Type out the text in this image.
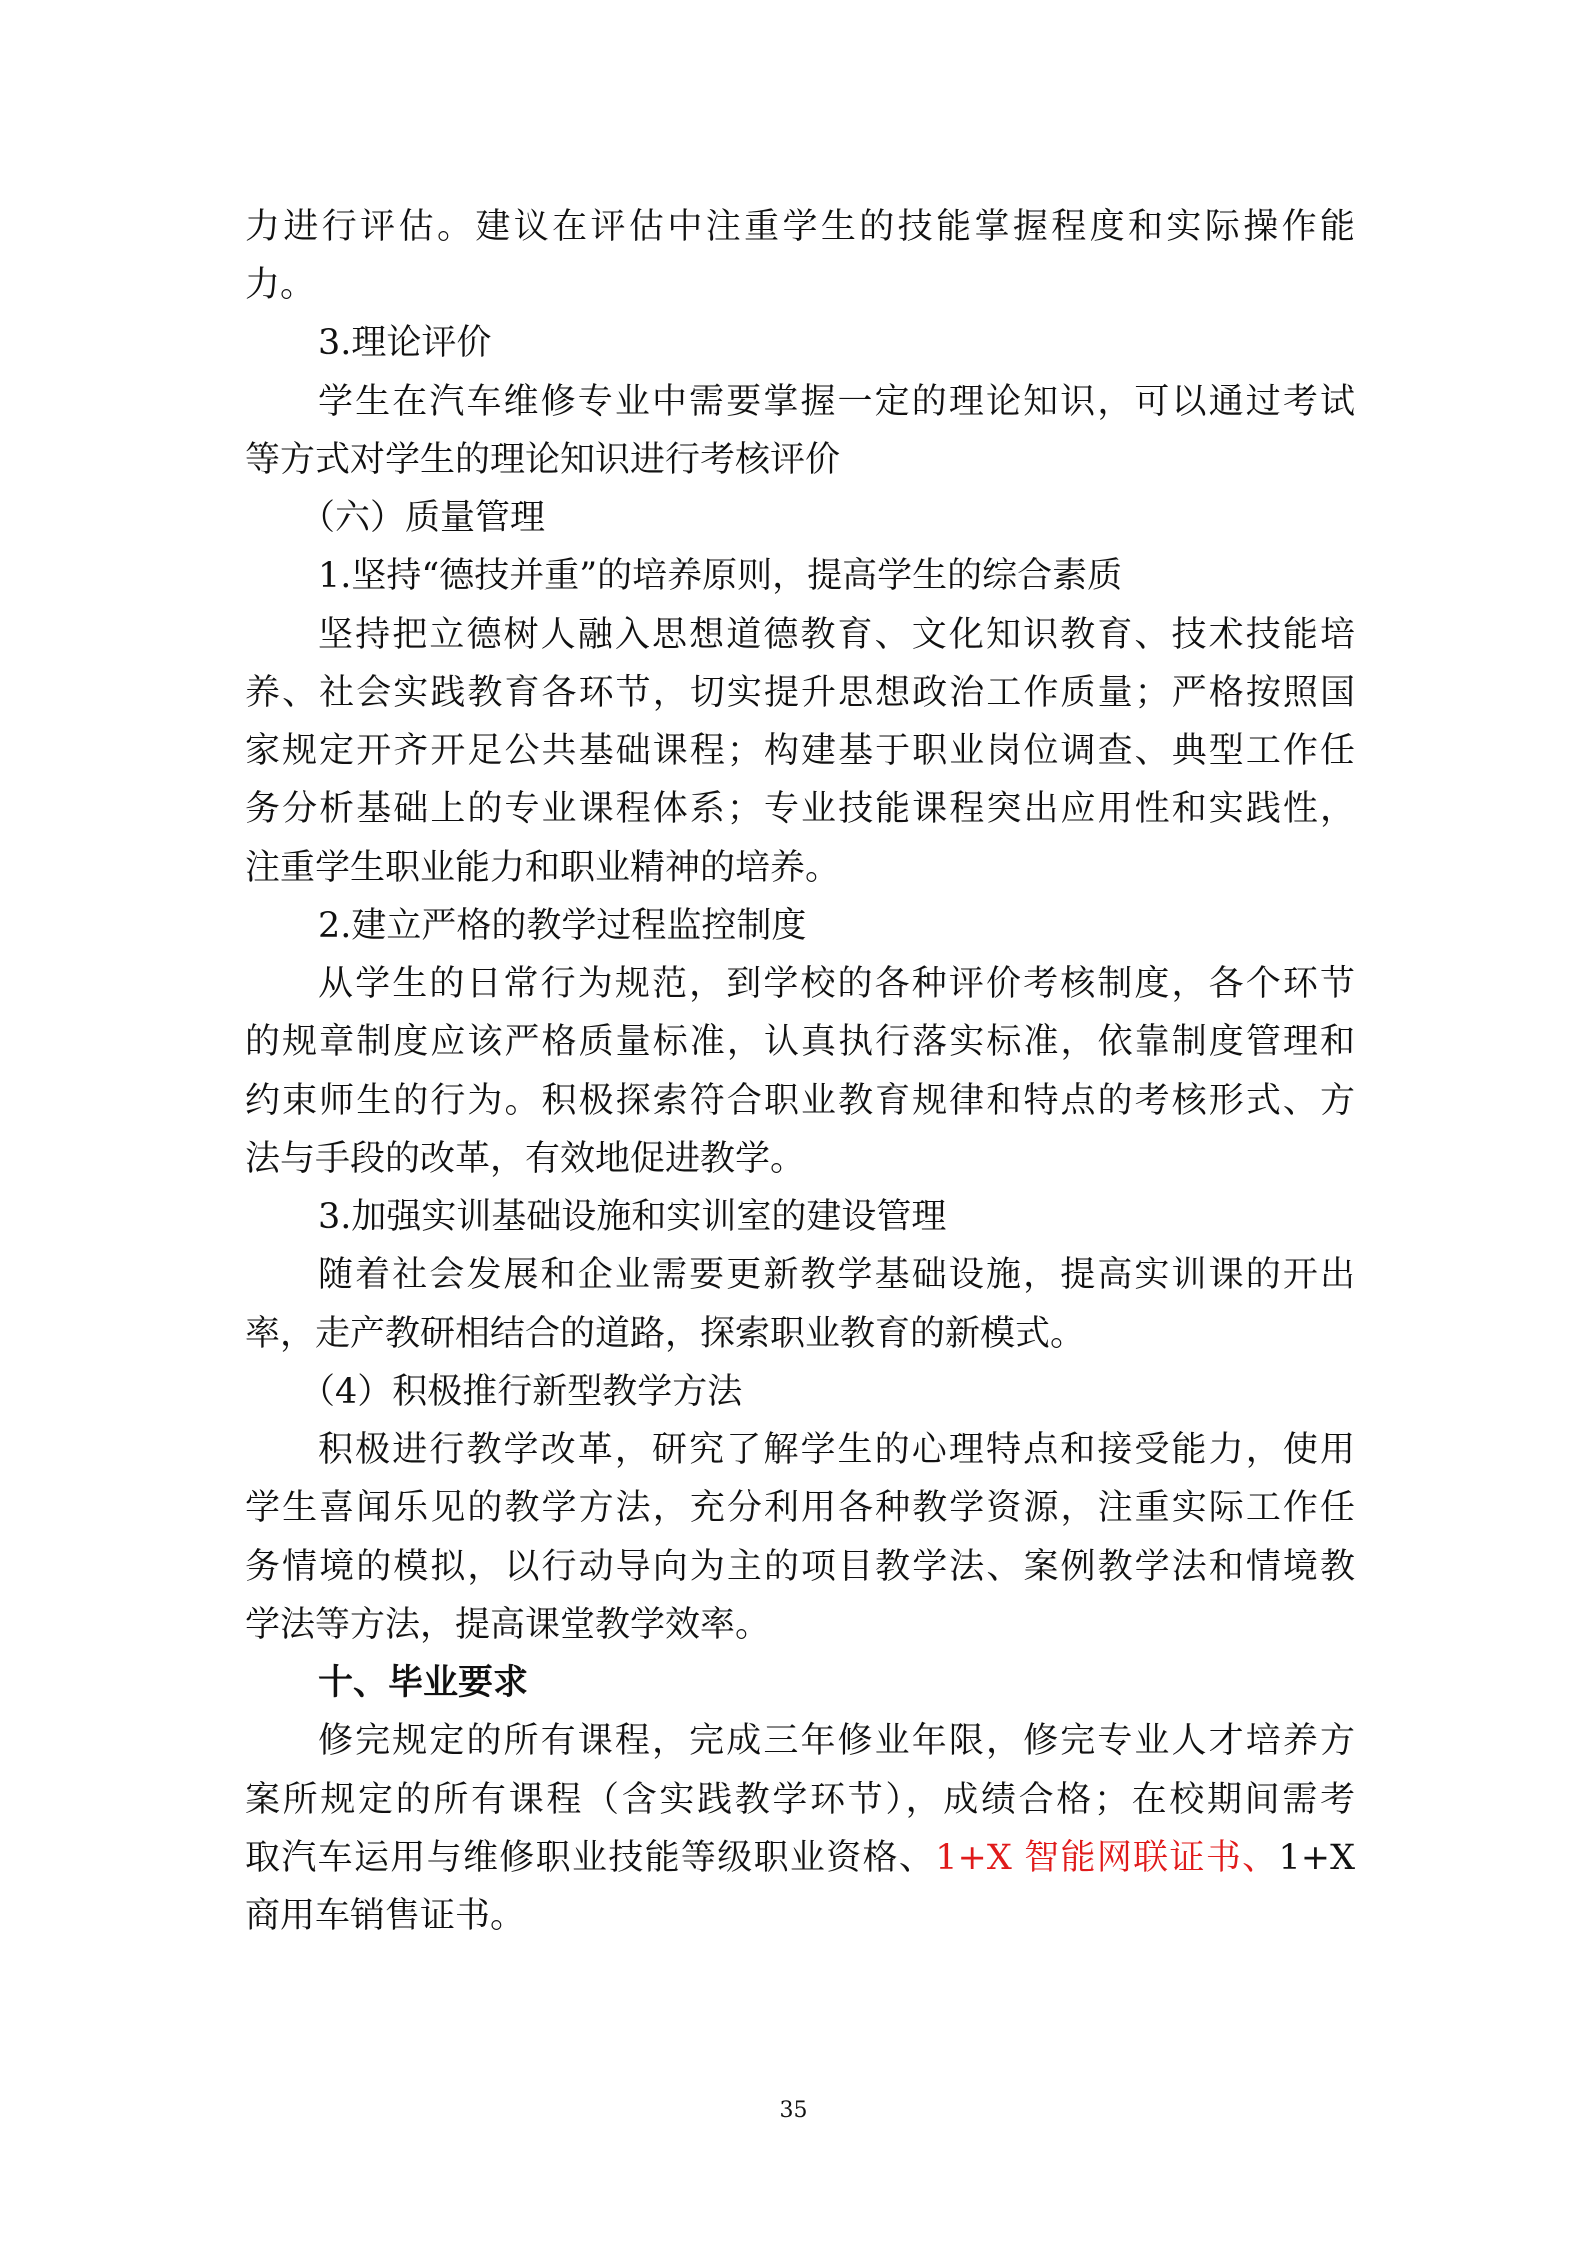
力进行评估。建议在评估中注重学生的技能掌握程度和实际操作能
力。
3.理论评价
学生在汽车维修专业中需要掌握一定的理论知识，可以通过考试
等方式对学生的理论知识进行考核评价
（六）质量管理
1.坚持“德技并重”的培养原则，提高学生的综合素质
坚持把立德树人融入思想道德教育、文化知识教育、技术技能培
养、社会实践教育各环节，切实提升思想政治工作质量；严格按照国
家规定开齐开足公共基础课程；构建基于职业岗位调查、典型工作任
务分析基础上的专业课程体系；专业技能课程突出应用性和实践性，
注重学生职业能力和职业精神的培养。
2.建立严格的教学过程监控制度
从学生的日常行为规范，到学校的各种评价考核制度，各个环节
的规章制度应该严格质量标准，认真执行落实标准，依靠制度管理和
约束师生的行为。积极探索符合职业教育规律和特点的考核形式、方
法与手段的改革，有效地促进教学。
3.加强实训基础设施和实训室的建设管理
随着社会发展和企业需要更新教学基础设施，提高实训课的开出
率，走产教研相结合的道路，探索职业教育的新模式。
（4）积极推行新型教学方法
积极进行教学改革，研究了解学生的心理特点和接受能力，使用
学生喜闻乐见的教学方法，充分利用各种教学资源，注重实际工作任
务情境的模拟，以行动导向为主的项目教学法、案例教学法和情境教
学法等方法，提高课堂教学效率。
十、毕业要求
修完规定的所有课程，完成三年修业年限，修完专业人才培养方
案所规定的所有课程（含实践教学环节），成绩合格；在校期间需考
取汽车运用与维修职业技能等级职业资格、1+X 智能网联证书、1+X
商用车销售证书。
35
